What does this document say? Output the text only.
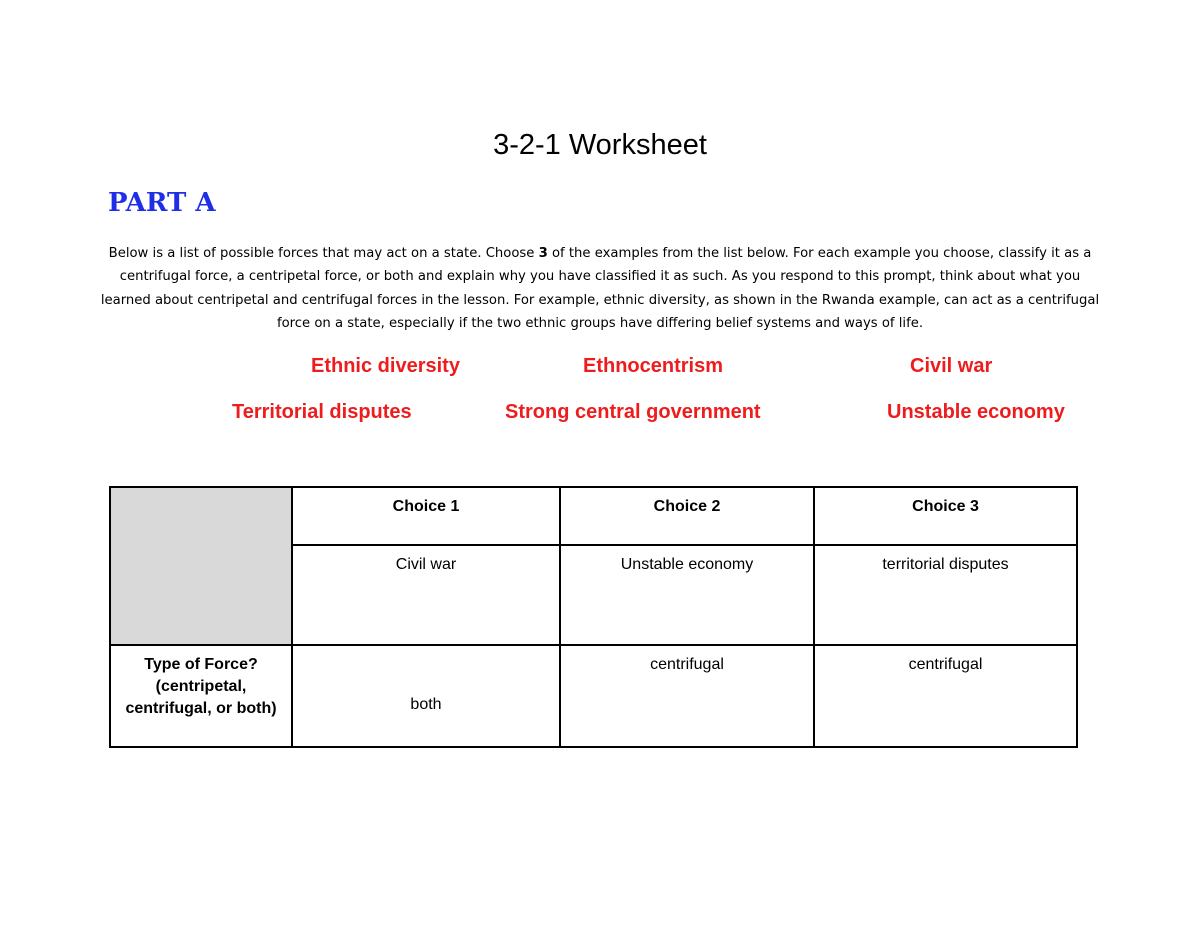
3-2-1 Worksheet
PART A

Below is a list of possible forces that may act on a state. Choose 3 of the examples from the list below. For each example you choose, classify it as a centrifugal force, a centripetal force, or both and explain why you have classified it as such. As you respond to this prompt, think about what you learned about centripetal and centrifugal forces in the lesson. For example, ethnic diversity, as shown in the Rwanda example, can act as a centrifugal force on a state, especially if the two ethnic groups have differing belief systems and ways of life.

Ethnic diversity	Ethnocentrism	Civil war
Territorial disputes	Strong central government	Unstable economy

	Choice 1	Choice 2	Choice 3

	Civil war	Unstable economy	territorial disputes

Type of Force? (centripetal, centrifugal, or both)	both	centrifugal	centrifugal
